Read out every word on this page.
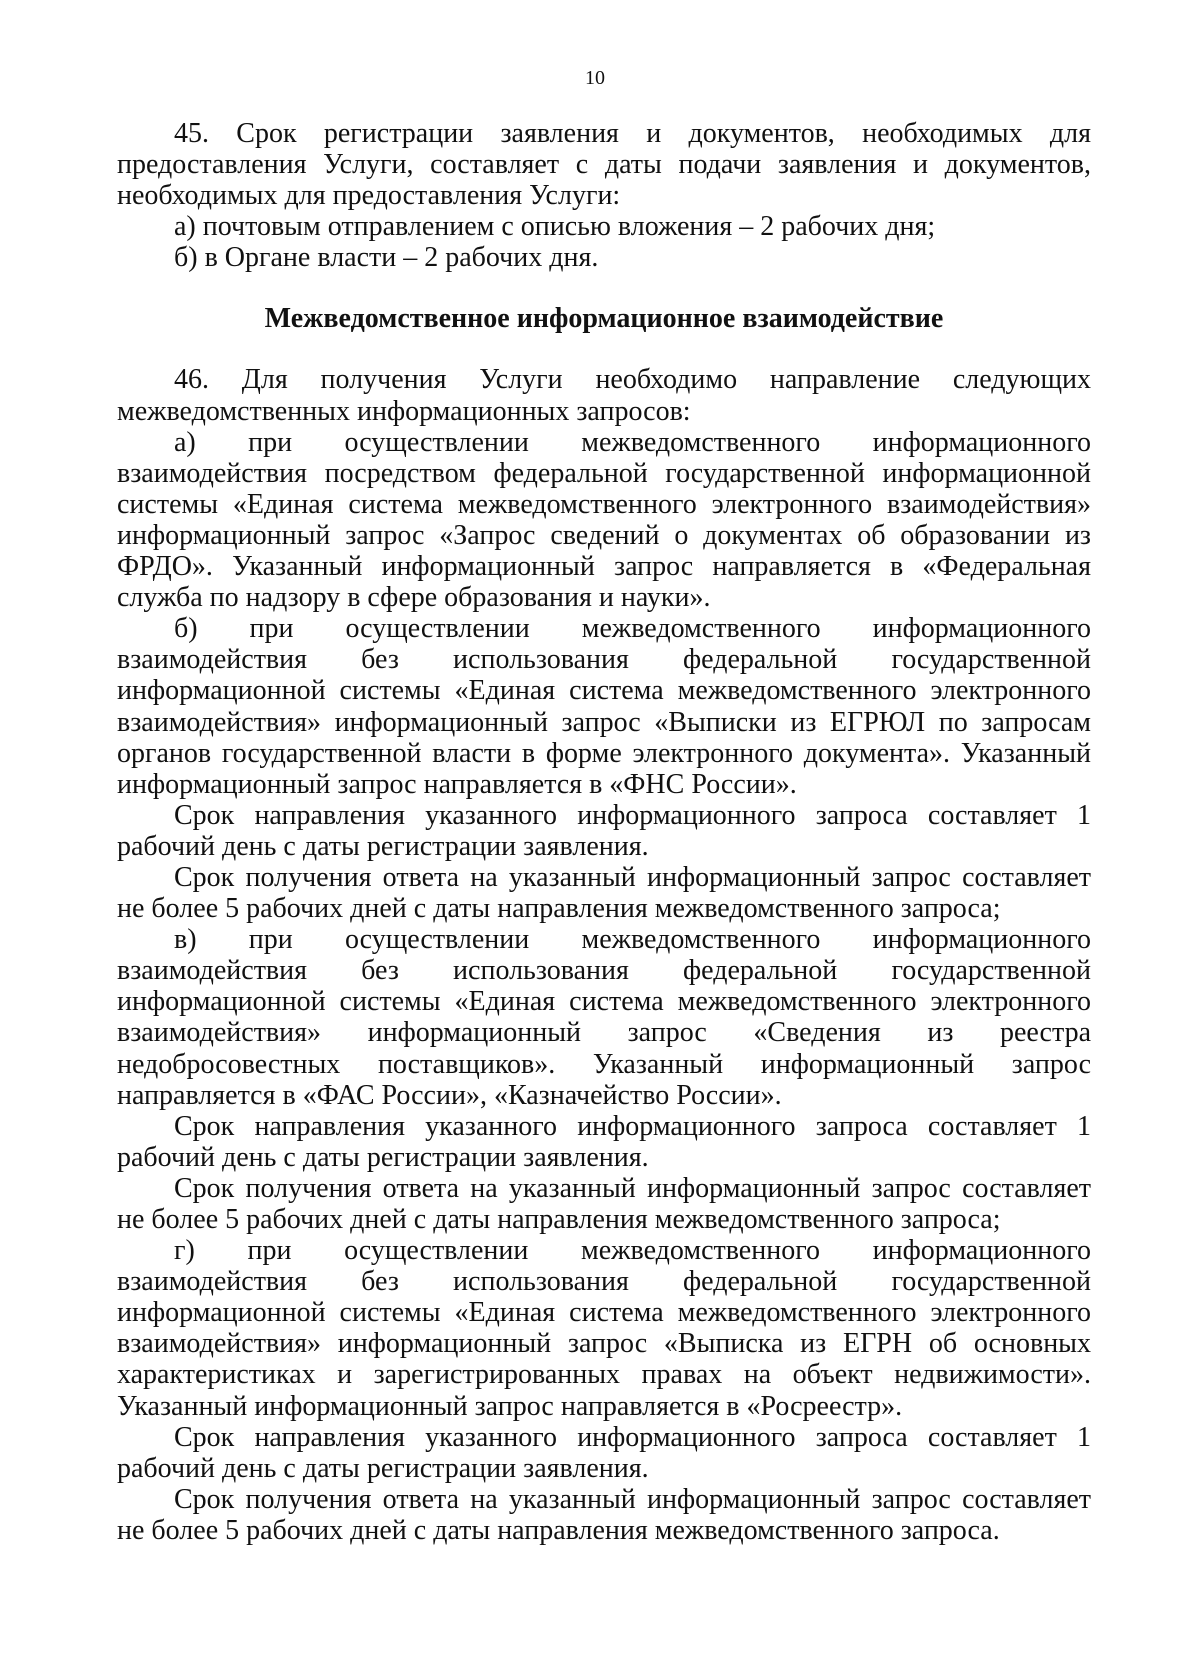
10

45. Срок регистрации заявления и документов, необходимых для предоставления Услуги, составляет с даты подачи заявления и документов, необходимых для предоставления Услуги:

а) почтовым отправлением с описью вложения – 2 рабочих дня;

б) в Органе власти – 2 рабочих дня.

Межведомственное информационное взаимодействие

46. Для получения Услуги необходимо направление следующих межведомственных информационных запросов:

а) при осуществлении межведомственного информационного взаимодействия посредством федеральной государственной информационной системы «Единая система межведомственного электронного взаимодействия» информационный запрос «Запрос сведений о документах об образовании из ФРДО». Указанный информационный запрос направляется в «Федеральная служба по надзору в сфере образования и науки».

б) при осуществлении межведомственного информационного взаимодействия без использования федеральной государственной информационной системы «Единая система межведомственного электронного взаимодействия» информационный запрос «Выписки из ЕГРЮЛ по запросам органов государственной власти в форме электронного документа». Указанный информационный запрос направляется в «ФНС России».

Срок направления указанного информационного запроса составляет 1 рабочий день с даты регистрации заявления.

Срок получения ответа на указанный информационный запрос составляет не более 5 рабочих дней с даты направления межведомственного запроса;

в) при осуществлении межведомственного информационного взаимодействия без использования федеральной государственной информационной системы «Единая система межведомственного электронного взаимодействия» информационный запрос «Сведения из реестра недобросовестных поставщиков». Указанный информационный запрос направляется в «ФАС России», «Казначейство России».

Срок направления указанного информационного запроса составляет 1 рабочий день с даты регистрации заявления.

Срок получения ответа на указанный информационный запрос составляет не более 5 рабочих дней с даты направления межведомственного запроса;

г) при осуществлении межведомственного информационного взаимодействия без использования федеральной государственной информационной системы «Единая система межведомственного электронного взаимодействия» информационный запрос «Выписка из ЕГРН об основных характеристиках и зарегистрированных правах на объект недвижимости». Указанный информационный запрос направляется в «Росреестр».

Срок направления указанного информационного запроса составляет 1 рабочий день с даты регистрации заявления.

Срок получения ответа на указанный информационный запрос составляет не более 5 рабочих дней с даты направления межведомственного запроса.
